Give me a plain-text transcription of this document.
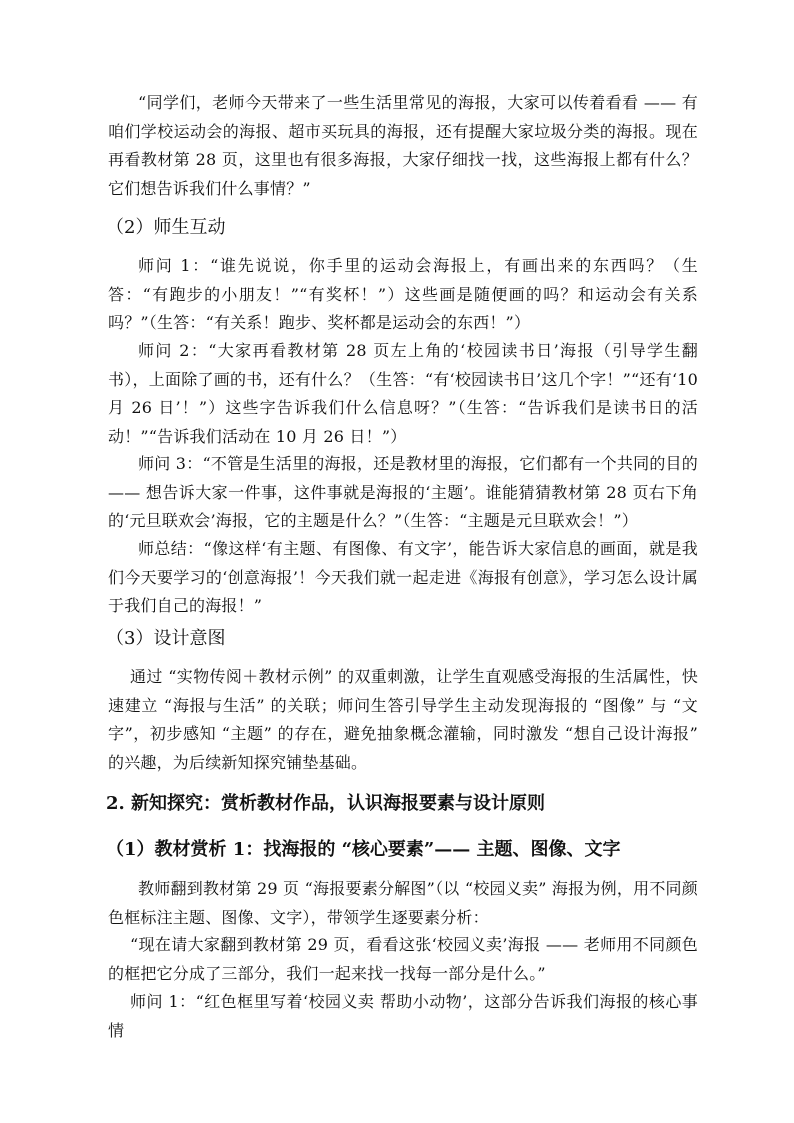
“同学们，老师今天带来了一些生活里常见的海报，大家可以传着看看 —— 有咱们学校运动会的海报、超市买玩具的海报，还有提醒大家垃圾分类的海报。现在再看教材第 28 页，这里也有很多海报，大家仔细找一找，这些海报上都有什么？它们想告诉我们什么事情？”

（2）师生互动

师问 1：“谁先说说，你手里的运动会海报上，有画出来的东西吗？（生答：“有跑步的小朋友！”“有奖杯！”）这些画是随便画的吗？和运动会有关系吗？”（生答：“有关系！跑步、奖杯都是运动会的东西！”）

师问 2：“大家再看教材第 28 页左上角的‘校园读书日’海报（引导学生翻书），上面除了画的书，还有什么？（生答：“有‘校园读书日’这几个字！”“还有‘10 月 26 日’！”）这些字告诉我们什么信息呀？”（生答：“告诉我们是读书日的活动！”“告诉我们活动在 10 月 26 日！”）

师问 3：“不管是生活里的海报，还是教材里的海报，它们都有一个共同的目的 —— 想告诉大家一件事，这件事就是海报的‘主题’。谁能猜猜教材第 28 页右下角的‘元旦联欢会’海报，它的主题是什么？”（生答：“主题是元旦联欢会！”）

师总结：“像这样‘有主题、有图像、有文字’，能告诉大家信息的画面，就是我们今天要学习的‘创意海报’！今天我们就一起走进《海报有创意》，学习怎么设计属于我们自己的海报！”

（3）设计意图

通过 “实物传阅＋教材示例” 的双重刺激，让学生直观感受海报的生活属性，快速建立 “海报与生活” 的关联；师问生答引导学生主动发现海报的 “图像” 与 “文字”，初步感知 “主题” 的存在，避免抽象概念灌输，同时激发 “想自己设计海报” 的兴趣，为后续新知探究铺垫基础。

2. 新知探究：赏析教材作品，认识海报要素与设计原则
（1）教材赏析 1：找海报的 “核心要素”—— 主题、图像、文字

教师翻到教材第 29 页 “海报要素分解图”（以 “校园义卖” 海报为例，用不同颜色框标注主题、图像、文字），带领学生逐要素分析：

“现在请大家翻到教材第 29 页，看看这张‘校园义卖’海报 —— 老师用不同颜色的框把它分成了三部分，我们一起来找一找每一部分是什么。”

师问 1：“红色框里写着‘校园义卖 帮助小动物’，这部分告诉我们海报的核心事情
